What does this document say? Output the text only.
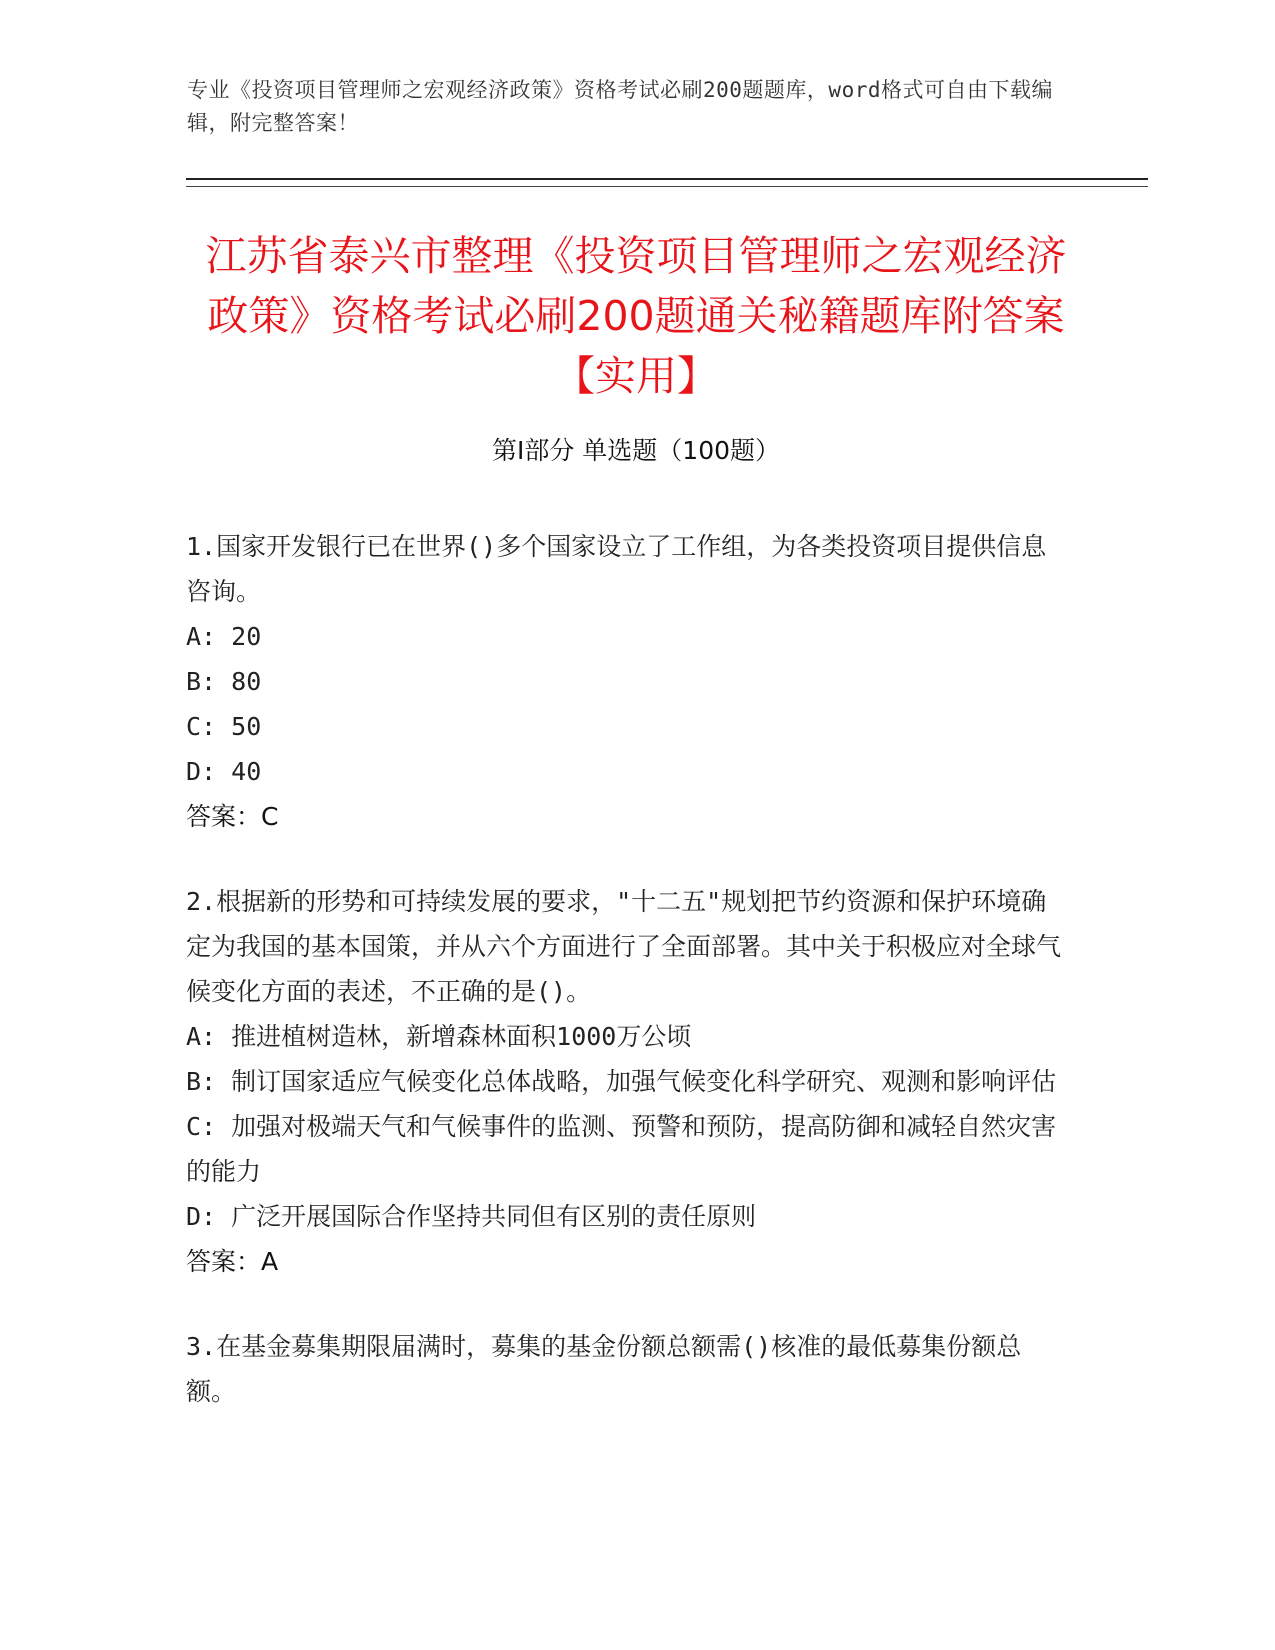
专业《投资项目管理师之宏观经济政策》资格考试必刷200题题库，word格式可自由下载编辑，附完整答案！
江苏省泰兴市整理《投资项目管理师之宏观经济政策》资格考试必刷200题通关秘籍题库附答案【实用】
第Ⅰ部分 单选题（100题）

1.国家开发银行已在世界()多个国家设立了工作组，为各类投资项目提供信息咨询。

A: 20

B: 80

C: 50

D: 40

答案：C

2.根据新的形势和可持续发展的要求，"十二五"规划把节约资源和保护环境确定为我国的基本国策，并从六个方面进行了全面部署。其中关于积极应对全球气候变化方面的表述，不正确的是()。

A: 推进植树造林，新增森林面积1000万公顷

B: 制订国家适应气候变化总体战略，加强气候变化科学研究、观测和影响评估

C: 加强对极端天气和气候事件的监测、预警和预防，提高防御和减轻自然灾害的能力

D: 广泛开展国际合作坚持共同但有区别的责任原则

答案：A

3.在基金募集期限届满时，募集的基金份额总额需()核准的最低募集份额总额。
